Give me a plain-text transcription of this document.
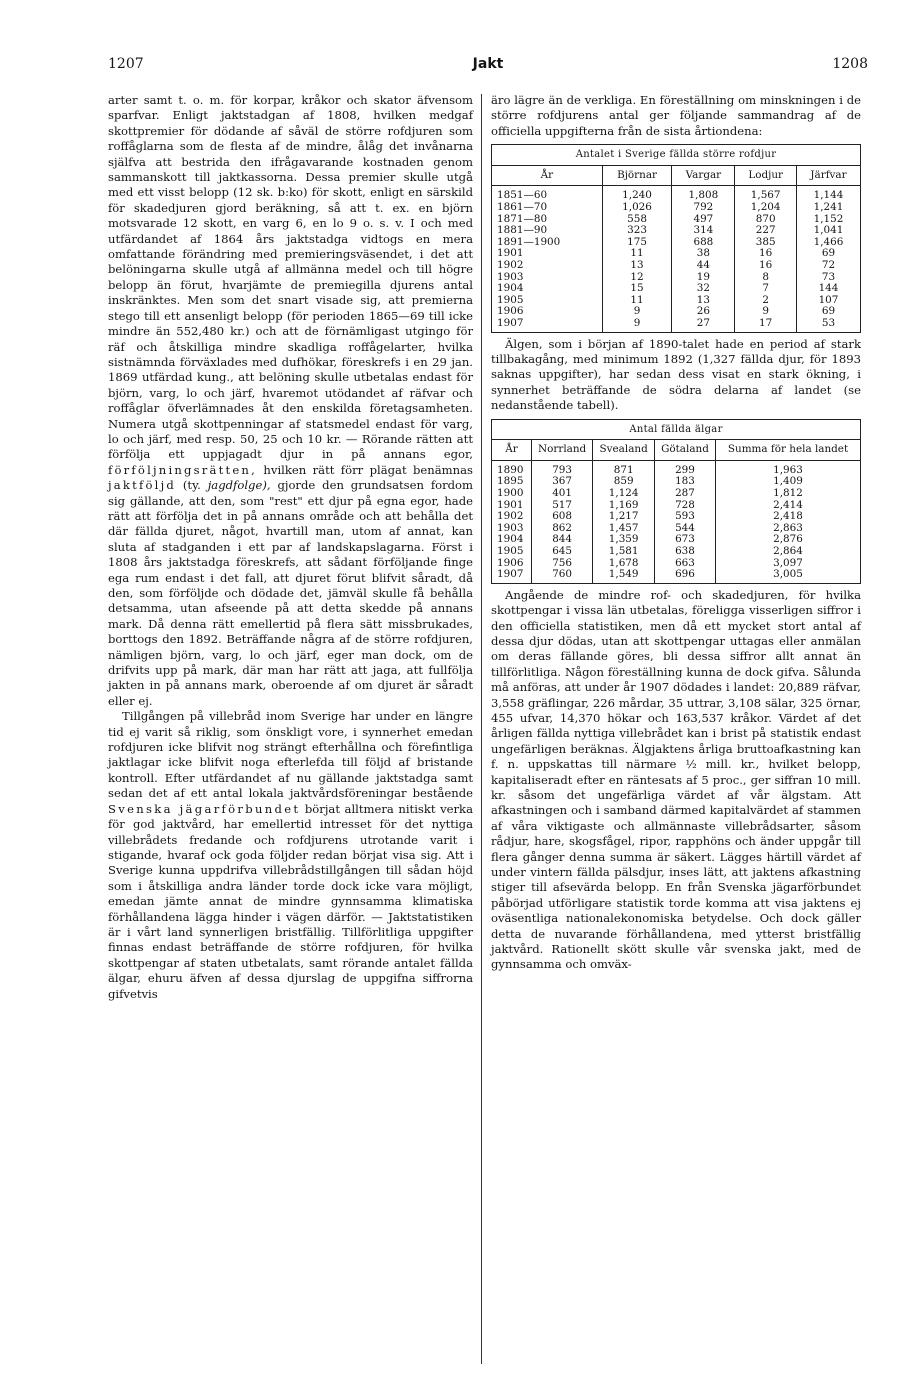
1207	Jakt	1208

arter samt t. o. m. för korpar, kråkor och skator äfvensom sparfvar. Enligt jaktstadgan af 1808, hvilken medgaf skottpremier för dödande af såväl de större rofdjuren som roffåglarna som de flesta af de mindre, ålåg det invånarna själfva att bestrida den ifrågavarande kostnaden genom sammanskott till jaktkassorna. Dessa premier skulle utgå med ett visst belopp (12 sk. b:ko) för skott, enligt en särskild för skadedjuren gjord beräkning, så att t. ex. en björn motsvarade 12 skott, en varg 6, en lo 9 o. s. v. I och med utfärdandet af 1864 års jaktstadga vidtogs en mera omfattande förändring med premieringsväsendet, i det att belöningarna skulle utgå af allmänna medel och till högre belopp än förut, hvarjämte de premiegilla djurens antal inskränktes. Men som det snart visade sig, att premierna stego till ett ansenligt belopp (för perioden 1865—69 till icke mindre än 552,480 kr.) och att de förnämligast utgingo för räf och åtskilliga mindre skadliga roffågelarter, hvilka sistnämnda förväxlades med dufhökar, föreskrefs i en 29 jan. 1869 utfärdad kung., att belöning skulle utbetalas endast för björn, varg, lo och järf, hvaremot utödandet af räfvar och roffåglar öfverlämnades åt den enskilda företagsamheten. Numera utgå skottpenningar af statsmedel endast för varg, lo och järf, med resp. 50, 25 och 10 kr. — Rörande rätten att förfölja ett uppjagadt djur in på annans egor, förföljningsrätten, hvilken rätt förr plägat benämnas jaktföljd (ty. jagdfolge), gjorde den grundsatsen fordom sig gällande, att den, som "rest" ett djur på egna egor, hade rätt att förfölja det in på annans område och att behålla det där fällda djuret, något, hvartill man, utom af annat, kan sluta af stadganden i ett par af landskapslagarna. Först i 1808 års jaktstadga föreskrefs, att sådant förföljande finge ega rum endast i det fall, att djuret förut blifvit såradt, då den, som förföljde och dödade det, jämväl skulle få behålla detsamma, utan afseende på att detta skedde på annans mark. Då denna rätt emellertid på flera sätt missbrukades, borttogs den 1892. Beträffande några af de större rofdjuren, nämligen björn, varg, lo och järf, eger man dock, om de drifvits upp på mark, där man har rätt att jaga, att fullfölja jakten in på annans mark, oberoende af om djuret är såradt eller ej.

Tillgången på villebråd inom Sverige har under en längre tid ej varit så riklig, som önskligt vore, i synnerhet emedan rofdjuren icke blifvit nog strängt efterhållna och förefintliga jaktlagar icke blifvit noga efterlefda till följd af bristande kontroll. Efter utfärdandet af nu gällande jaktstadga samt sedan det af ett antal lokala jaktvårdsföreningar bestående Svenska jägarförbundet börjat alltmera nitiskt verka för god jaktvård, har emellertid intresset för det nyttiga villebrådets fredande och rofdjurens utrotande varit i stigande, hvaraf ock goda följder redan börjat visa sig. Att i Sverige kunna uppdrifva villebrådstillgången till sådan höjd som i åtskilliga andra länder torde dock icke vara möjligt, emedan jämte annat de mindre gynnsamma klimatiska förhållandena lägga hinder i vägen därför. — Jaktstatistiken är i vårt land synnerligen bristfällig. Tillförlitliga uppgifter finnas endast beträffande de större rofdjuren, för hvilka skottpengar af staten utbetalats, samt rörande antalet fällda älgar, ehuru äfven af dessa djurslag de uppgifna siffrorna gifvetvis

äro lägre än de verkliga. En föreställning om minskningen i de större rofdjurens antal ger följande sammandrag af de officiella uppgifterna från de sista årtiondena:

Antalet i Sverige fällda större rofdjur				
År	Björnar	Vargar	Lodjur	Järfvar
1851—60	1,240	1,808	1,567	1,144
1861—70	1,026	792	1,204	1,241
1871—80	558	497	870	1,152
1881—90	323	314	227	1,041
1891—1900	175	688	385	1,466
1901	11	38	16	69
1902	13	44	16	72
1903	12	19	8	73
1904	15	32	7	144
1905	11	13	2	107
1906	9	26	9	69
1907	9	27	17	53

Älgen, som i början af 1890-talet hade en period af stark tillbakagång, med minimum 1892 (1,327 fällda djur, för 1893 saknas uppgifter), har sedan dess visat en stark ökning, i synnerhet beträffande de södra delarna af landet (se nedanstående tabell).

Antal fällda älgar				
År	Norrland	Svealand	Götaland	Summa för hela landet
1890	793	871	299	1,963
1895	367	859	183	1,409
1900	401	1,124	287	1,812
1901	517	1,169	728	2,414
1902	608	1,217	593	2,418
1903	862	1,457	544	2,863
1904	844	1,359	673	2,876
1905	645	1,581	638	2,864
1906	756	1,678	663	3,097
1907	760	1,549	696	3,005

Angående de mindre rof- och skadedjuren, för hvilka skottpengar i vissa län utbetalas, föreligga visserligen siffror i den officiella statistiken, men då ett mycket stort antal af dessa djur dödas, utan att skottpengar uttagas eller anmälan om deras fällande göres, bli dessa siffror allt annat än tillförlitliga. Någon föreställning kunna de dock gifva. Sålunda må anföras, att under år 1907 dödades i landet: 20,889 räfvar, 3,558 gräflingar, 226 mårdar, 35 uttrar, 3,108 sälar, 325 örnar, 455 ufvar, 14,370 hökar och 163,537 kråkor. Värdet af det årligen fällda nyttiga villebrådet kan i brist på statistik endast ungefärligen beräknas. Älgjaktens årliga bruttoafkastning kan f. n. uppskattas till närmare ½ mill. kr., hvilket belopp, kapitaliseradt efter en räntesats af 5 proc., ger siffran 10 mill. kr. såsom det ungefärliga värdet af vår älgstam. Att afkastningen och i samband därmed kapitalvärdet af stammen af våra viktigaste och allmännaste villebrådsarter, såsom rådjur, hare, skogsfågel, ripor, rapphöns och änder uppgår till flera gånger denna summa är säkert. Lägges härtill värdet af under vintern fällda pälsdjur, inses lätt, att jaktens afkastning stiger till afsevärda belopp. En från Svenska jägarförbundet påbörjad utförligare statistik torde komma att visa jaktens ej oväsentliga nationalekonomiska betydelse. Och dock gäller detta de nuvarande förhållandena, med ytterst bristfällig jaktvård. Rationellt skött skulle vår svenska jakt, med de gynnsamma och omväx-
